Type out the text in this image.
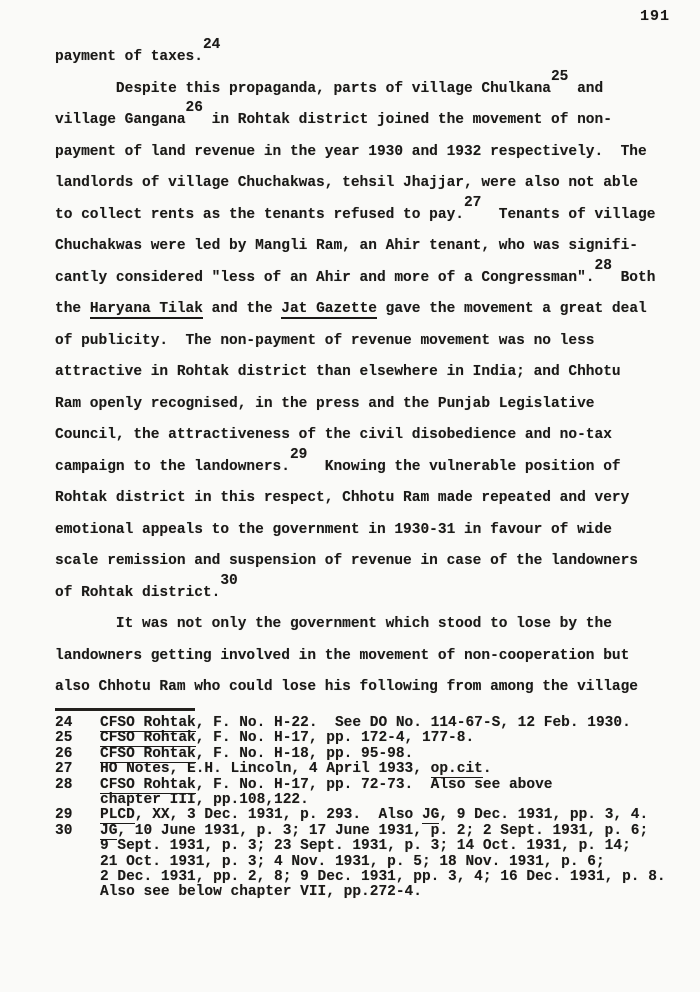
191
payment of taxes.24
Despite this propaganda, parts of village Chulkana25 and
village Gangana26 in Rohtak district joined the movement of non-
payment of land revenue in the year 1930 and 1932 respectively.  The
landlords of village Chuchakwas, tehsil Jhajjar, were also not able
to collect rents as the tenants refused to pay.27  Tenants of village
Chuchakwas were led by Mangli Ram, an Ahir tenant, who was signifi-
cantly considered "less of an Ahir and more of a Congressman".28 Both
the Haryana Tilak and the Jat Gazette gave the movement a great deal
of publicity.  The non-payment of revenue movement was no less
attractive in Rohtak district than elsewhere in India; and Chhotu
Ram openly recognised, in the press and the Punjab Legislative
Council, the attractiveness of the civil disobedience and no-tax
campaign to the landowners.29  Knowing the vulnerable position of
Rohtak district in this respect, Chhotu Ram made repeated and very
emotional appeals to the government in 1930-31 in favour of wide
scale remission and suspension of revenue in case of the landowners
of Rohtak district.30
It was not only the government which stood to lose by the
landowners getting involved in the movement of non-cooperation but
also Chhotu Ram who could lose his following from among the village
24	CFSO Rohtak, F. No. H-22.  See DO No. 114-67-S, 12 Feb. 1930.
25	CFSO Rohtak, F. No. H-17, pp. 172-4, 177-8.
26	CFSO Rohtak, F. No. H-18, pp. 95-98.
27	HO Notes, E.H. Lincoln, 4 April 1933, op.cit.
28	CFSO Rohtak, F. No. H-17, pp. 72-73.  Also see above
chapter III, pp.108,122.
29	PLCD, XX, 3 Dec. 1931, p. 293.  Also JG, 9 Dec. 1931, pp. 3, 4.
30	JG, 10 June 1931, p. 3; 17 June 1931, p. 2; 2 Sept. 1931, p. 6;
9 Sept. 1931, p. 3; 23 Sept. 1931, p. 3; 14 Oct. 1931, p. 14;
21 Oct. 1931, p. 3; 4 Nov. 1931, p. 5; 18 Nov. 1931, p. 6;
2 Dec. 1931, pp. 2, 8; 9 Dec. 1931, pp. 3, 4; 16 Dec. 1931, p. 8.
Also see below chapter VII, pp.272-4.
